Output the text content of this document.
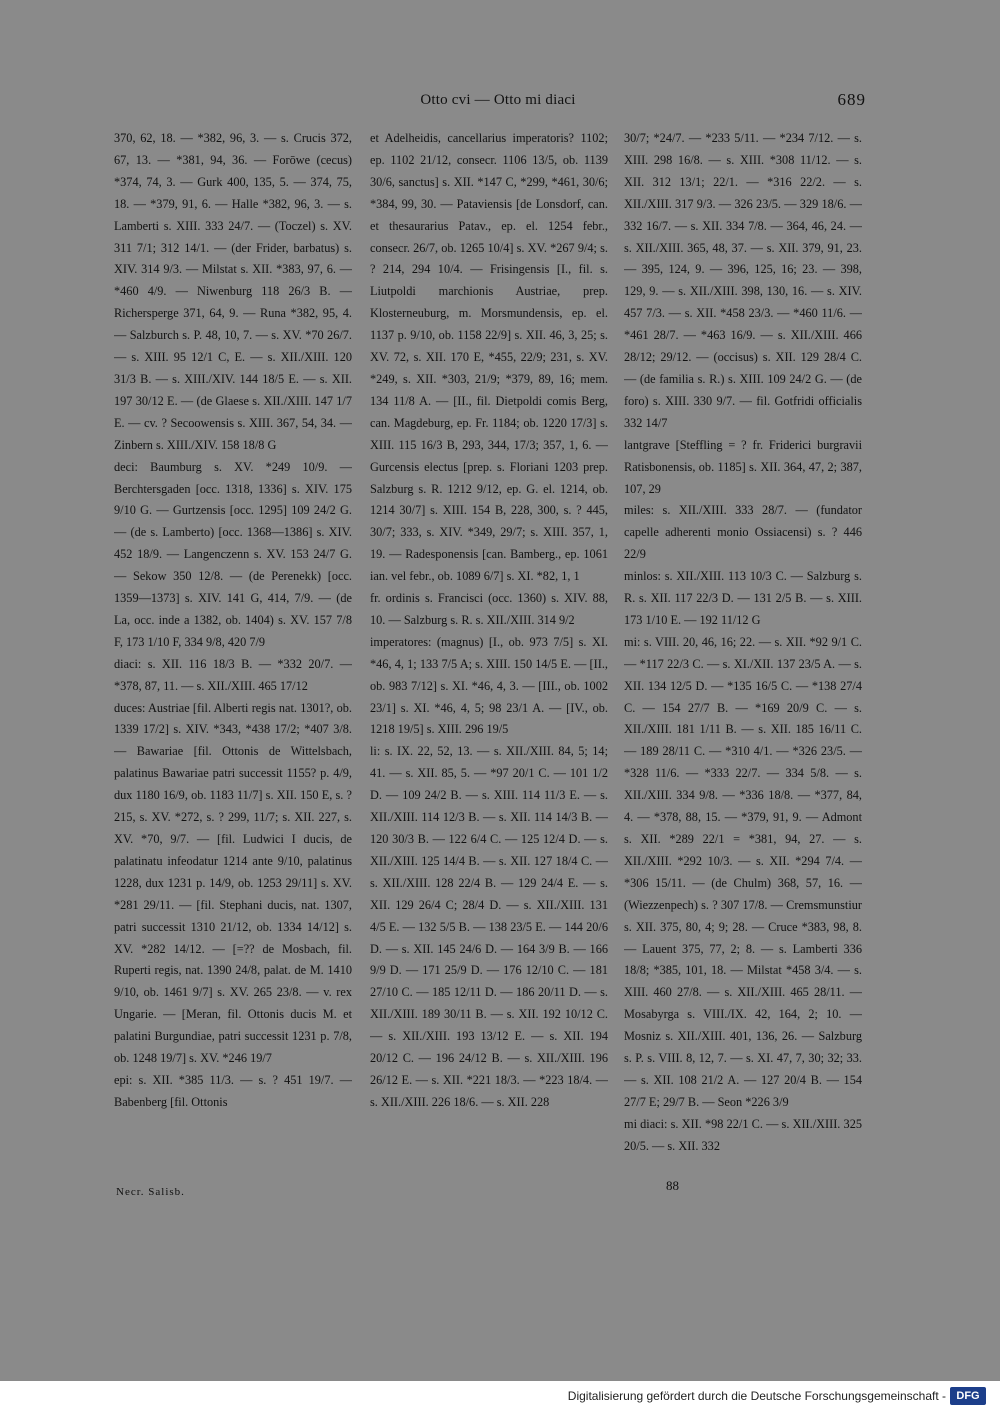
Otto cvi — Otto mi diaci	689

370, 62, 18. — *382, 96, 3. — s. Crucis 372, 67, 13. — *381, 94, 36. — Forōwe (cecus) *374, 74, 3. — Gurk 400, 135, 5. — 374, 75, 18. — *379, 91, 6. — Halle *382, 96, 3. — s. Lamberti s. XIII. 333 24/7. — (Toczel) s. XV. 311 7/1; 312 14/1. — (der Frider, barbatus) s. XIV. 314 9/3. — Milstat s. XII. *383, 97, 6. — *460 4/9. — Niwenburg 118 26/3 B. — Richersperge 371, 64, 9. — Runa *382, 95, 4. — Salzburch s. P. 48, 10, 7. — s. XV. *70 26/7. — s. XIII. 95 12/1 C, E. — s. XII./XIII. 120 31/3 B. — s. XIII./XIV. 144 18/5 E. — s. XII. 197 30/12 E. — (de Glaese s. XII./XIII. 147 1/7 E. — cv. ? Secoowensis s. XIII. 367, 54, 34. — Zinbern s. XIII./XIV. 158 18/8 G

deci: Baumburg s. XV. *249 10/9. — Berchtersgaden [occ. 1318, 1336] s. XIV. 175 9/10 G. — Gurtzensis [occ. 1295] 109 24/2 G. — (de s. Lamberto) [occ. 1368—1386] s. XIV. 452 18/9. — Langenczenn s. XV. 153 24/7 G. — Sekow 350 12/8. — (de Perenekk) [occ. 1359—1373] s. XIV. 141 G, 414, 7/9. — (de La, occ. inde a 1382, ob. 1404) s. XV. 157 7/8 F, 173 1/10 F, 334 9/8, 420 7/9

diaci: s. XII. 116 18/3 B. — *332 20/7. — *378, 87, 11. — s. XII./XIII. 465 17/12

duces: Austriae [fil. Alberti regis nat. 1301?, ob. 1339 17/2] s. XIV. *343, *438 17/2; *407 3/8. — Bawariae [fil. Ottonis de Wittelsbach, palatinus Bawariae patri successit 1155? p. 4/9, dux 1180 16/9, ob. 1183 11/7] s. XII. 150 E, s. ? 215, s. XV. *272, s. ? 299, 11/7; s. XII. 227, s. XV. *70, 9/7. — [fil. Ludwici I ducis, de palatinatu infeodatur 1214 ante 9/10, palatinus 1228, dux 1231 p. 14/9, ob. 1253 29/11] s. XV. *281 29/11. — [fil. Stephani ducis, nat. 1307, patri successit 1310 21/12, ob. 1334 14/12] s. XV. *282 14/12. — [=?? de Mosbach, fil. Ruperti regis, nat. 1390 24/8, palat. de M. 1410 9/10, ob. 1461 9/7] s. XV. 265 23/8. — v. rex Ungarie. — [Meran, fil. Ottonis ducis M. et palatini Burgundiae, patri successit 1231 p. 7/8, ob. 1248 19/7] s. XV. *246 19/7

epi: s. XII. *385 11/3. — s. ? 451 19/7. — Babenberg [fil. Ottonis

et Adelheidis, cancellarius imperatoris? 1102; ep. 1102 21/12, consecr. 1106 13/5, ob. 1139 30/6, sanctus] s. XII. *147 C, *299, *461, 30/6; *384, 99, 30. — Pataviensis [de Lonsdorf, can. et thesaurarius Patav., ep. el. 1254 febr., consecr. 26/7, ob. 1265 10/4] s. XV. *267 9/4; s. ? 214, 294 10/4. — Frisingensis [I., fil. s. Liutpoldi marchionis Austriae, prep. Klosterneuburg, m. Morsmundensis, ep. el. 1137 p. 9/10, ob. 1158 22/9] s. XII. 46, 3, 25; s. XV. 72, s. XII. 170 E, *455, 22/9; 231, s. XV. *249, s. XII. *303, 21/9; *379, 89, 16; mem. 134 11/8 A. — [II., fil. Dietpoldi comis Berg, can. Magdeburg, ep. Fr. 1184; ob. 1220 17/3] s. XIII. 115 16/3 B, 293, 344, 17/3; 357, 1, 6. — Gurcensis electus [prep. s. Floriani 1203 prep. Salzburg s. R. 1212 9/12, ep. G. el. 1214, ob. 1214 30/7] s. XIII. 154 B, 228, 300, s. ? 445, 30/7; 333, s. XIV. *349, 29/7; s. XIII. 357, 1, 19. — Radesponensis [can. Bamberg., ep. 1061 ian. vel febr., ob. 1089 6/7] s. XI. *82, 1, 1

fr. ordinis s. Francisci (occ. 1360) s. XIV. 88, 10. — Salzburg s. R. s. XII./XIII. 314 9/2

imperatores: (magnus) [I., ob. 973 7/5] s. XI. *46, 4, 1; 133 7/5 A; s. XIII. 150 14/5 E. — [II., ob. 983 7/12] s. XI. *46, 4, 3. — [III., ob. 1002 23/1] s. XI. *46, 4, 5; 98 23/1 A. — [IV., ob. 1218 19/5] s. XIII. 296 19/5

li: s. IX. 22, 52, 13. — s. XII./XIII. 84, 5; 14; 41. — s. XII. 85, 5. — *97 20/1 C. — 101 1/2 D. — 109 24/2 B. — s. XIII. 114 11/3 E. — s. XII./XIII. 114 12/3 B. — s. XII. 114 14/3 B. — 120 30/3 B. — 122 6/4 C. — 125 12/4 D. — s. XII./XIII. 125 14/4 B. — s. XII. 127 18/4 C. — s. XII./XIII. 128 22/4 B. — 129 24/4 E. — s. XII. 129 26/4 C; 28/4 D. — s. XII./XIII. 131 4/5 E. — 132 5/5 B. — 138 23/5 E. — 144 20/6 D. — s. XII. 145 24/6 D. — 164 3/9 B. — 166 9/9 D. — 171 25/9 D. — 176 12/10 C. — 181 27/10 C. — 185 12/11 D. — 186 20/11 D. — s. XII./XIII. 189 30/11 B. — s. XII. 192 10/12 C. — s. XII./XIII. 193 13/12 E. — s. XII. 194 20/12 C. — 196 24/12 B. — s. XII./XIII. 196 26/12 E. — s. XII. *221 18/3. — *223 18/4. — s. XII./XIII. 226 18/6. — s. XII. 228

30/7; *24/7. — *233 5/11. — *234 7/12. — s. XIII. 298 16/8. — s. XIII. *308 11/12. — s. XII. 312 13/1; 22/1. — *316 22/2. — s. XII./XIII. 317 9/3. — 326 23/5. — 329 18/6. — 332 16/7. — s. XII. 334 7/8. — 364, 46, 24. — s. XII./XIII. 365, 48, 37. — s. XII. 379, 91, 23. — 395, 124, 9. — 396, 125, 16; 23. — 398, 129, 9. — s. XII./XIII. 398, 130, 16. — s. XIV. 457 7/3. — s. XII. *458 23/3. — *460 11/6. — *461 28/7. — *463 16/9. — s. XII./XIII. 466 28/12; 29/12. — (occisus) s. XII. 129 28/4 C. — (de familia s. R.) s. XIII. 109 24/2 G. — (de foro) s. XIII. 330 9/7. — fil. Gotfridi officialis 332 14/7

lantgrave [Steffling = ? fr. Friderici burgravii Ratisbonensis, ob. 1185] s. XII. 364, 47, 2; 387, 107, 29

miles: s. XII./XIII. 333 28/7. — (fundator capelle adherenti monio Ossiacensi) s. ? 446 22/9

minlos: s. XII./XIII. 113 10/3 C. — Salzburg s. R. s. XII. 117 22/3 D. — 131 2/5 B. — s. XIII. 173 1/10 E. — 192 11/12 G

mi: s. VIII. 20, 46, 16; 22. — s. XII. *92 9/1 C. — *117 22/3 C. — s. XI./XII. 137 23/5 A. — s. XII. 134 12/5 D. — *135 16/5 C. — *138 27/4 C. — 154 27/7 B. — *169 20/9 C. — s. XII./XIII. 181 1/11 B. — s. XII. 185 16/11 C. — 189 28/11 C. — *310 4/1. — *326 23/5. — *328 11/6. — *333 22/7. — 334 5/8. — s. XII./XIII. 334 9/8. — *336 18/8. — *377, 84, 4. — *378, 88, 15. — *379, 91, 9. — Admont s. XII. *289 22/1 = *381, 94, 27. — s. XII./XIII. *292 10/3. — s. XII. *294 7/4. — *306 15/11. — (de Chulm) 368, 57, 16. — (Wiezzenpech) s. ? 307 17/8. — Cremsmunstiur s. XII. 375, 80, 4; 9; 28. — Cruce *383, 98, 8. — Lauent 375, 77, 2; 8. — s. Lamberti 336 18/8; *385, 101, 18. — Milstat *458 3/4. — s. XIII. 460 27/8. — s. XII./XIII. 465 28/11. — Mosabyrga s. VIII./IX. 42, 164, 2; 10. — Mosniz s. XII./XIII. 401, 136, 26. — Salzburg s. P. s. VIII. 8, 12, 7. — s. XI. 47, 7, 30; 32; 33. — s. XII. 108 21/2 A. — 127 20/4 B. — 154 27/7 E; 29/7 B. — Seon *226 3/9

mi diaci: s. XII. *98 22/1 C. — s. XII./XIII. 325 20/5. — s. XII. 332

Necr. Salisb.	88
Digitalisierung gefördert durch die Deutsche Forschungsgemeinschaft - DFG
